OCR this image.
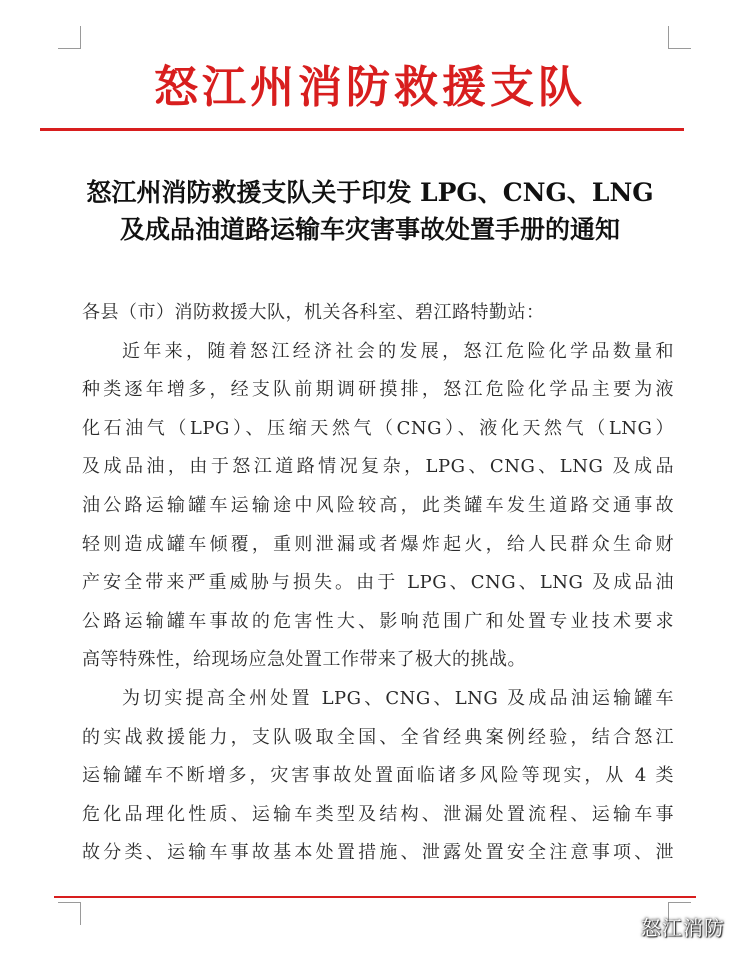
怒江州消防救援支队
怒江州消防救援支队关于印发 LPG、CNG、LNG
及成品油道路运输车灾害事故处置手册的通知
各县（市）消防救援大队，机关各科室、碧江路特勤站：
近年来，随着怒江经济社会的发展，怒江危险化学品数量和
种类逐年增多，经支队前期调研摸排，怒江危险化学品主要为液
化石油气（LPG）、压缩天然气（CNG）、液化天然气（LNG）
及成品油，由于怒江道路情况复杂，LPG、CNG、LNG 及成品
油公路运输罐车运输途中风险较高，此类罐车发生道路交通事故
轻则造成罐车倾覆，重则泄漏或者爆炸起火，给人民群众生命财
产安全带来严重威胁与损失。由于 LPG、CNG、LNG 及成品油
公路运输罐车事故的危害性大、影响范围广和处置专业技术要求
高等特殊性，给现场应急处置工作带来了极大的挑战。
为切实提高全州处置 LPG、CNG、LNG 及成品油运输罐车
的实战救援能力，支队吸取全国、全省经典案例经验，结合怒江
运输罐车不断增多，灾害事故处置面临诸多风险等现实，从 4 类
危化品理化性质、运输车类型及结构、泄漏处置流程、运输车事
故分类、运输车事故基本处置措施、泄露处置安全注意事项、泄
怒江消防
